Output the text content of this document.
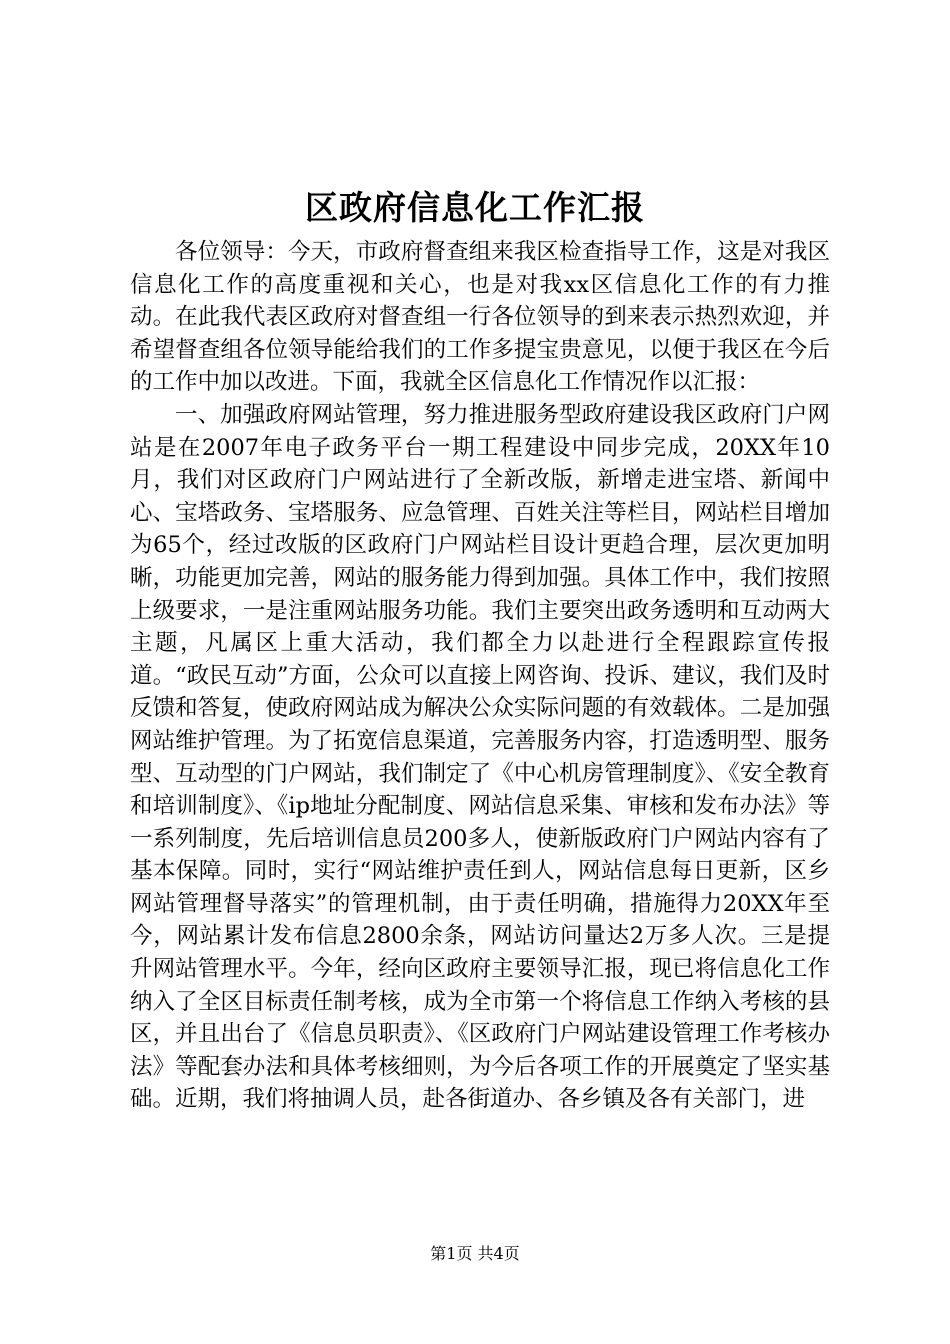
区政府信息化工作汇报

各位领导：今天，市政府督查组来我区检查指导工作，这是对我区信息化工作的高度重视和关心，也是对我xx区信息化工作的有力推动。在此我代表区政府对督查组一行各位领导的到来表示热烈欢迎，并希望督查组各位领导能给我们的工作多提宝贵意见，以便于我区在今后的工作中加以改进。下面，我就全区信息化工作情况作以汇报：

一、加强政府网站管理，努力推进服务型政府建设我区政府门户网站是在2007年电子政务平台一期工程建设中同步完成，20XX年10月，我们对区政府门户网站进行了全新改版，新增走进宝塔、新闻中心、宝塔政务、宝塔服务、应急管理、百姓关注等栏目，网站栏目增加为65个，经过改版的区政府门户网站栏目设计更趋合理，层次更加明晰，功能更加完善，网站的服务能力得到加强。具体工作中，我们按照上级要求，一是注重网站服务功能。我们主要突出政务透明和互动两大主题，凡属区上重大活动，我们都全力以赴进行全程跟踪宣传报道。“政民互动”方面，公众可以直接上网咨询、投诉、建议，我们及时反馈和答复，使政府网站成为解决公众实际问题的有效载体。二是加强网站维护管理。为了拓宽信息渠道，完善服务内容，打造透明型、服务型、互动型的门户网站，我们制定了《中心机房管理制度》、《安全教育和培训制度》、《ip地址分配制度、网站信息采集、审核和发布办法》等一系列制度，先后培训信息员200多人，使新版政府门户网站内容有了基本保障。同时，实行“网站维护责任到人，网站信息每日更新，区乡网站管理督导落实”的管理机制，由于责任明确，措施得力20XX年至今，网站累计发布信息2800余条，网站访问量达2万多人次。三是提升网站管理水平。今年，经向区政府主要领导汇报，现已将信息化工作纳入了全区目标责任制考核，成为全市第一个将信息工作纳入考核的县区，并且出台了《信息员职责》、《区政府门户网站建设管理工作考核办法》等配套办法和具体考核细则，为今后各项工作的开展奠定了坚实基础。近期，我们将抽调人员，赴各街道办、各乡镇及各有关部门，进

第1页 共4页
